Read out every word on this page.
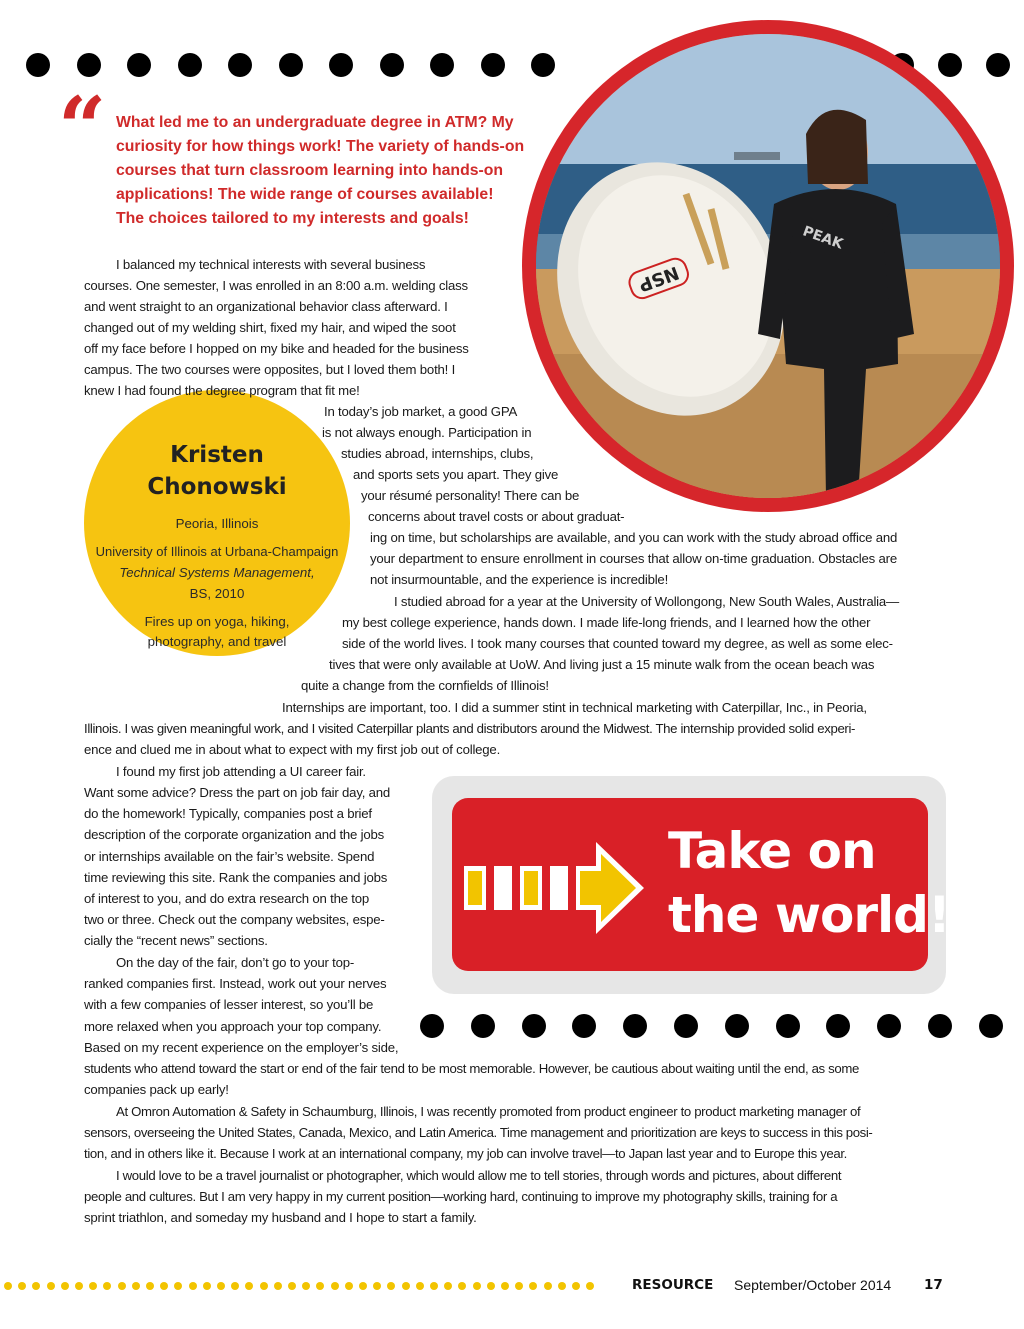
“ What led me to an undergraduate degree in ATM? My
curiosity for how things work! The variety of hands-on
courses that turn classroom learning into hands-on
applications! The wide range of courses available!
The choices tailored to my interests and goals!
NSP
PEAK
Kristen
Chonowski
Peoria, Illinois
University of Illinois at Urbana-Champaign
Technical Systems Management,
BS, 2010
Fires up on yoga, hiking,
photography, and travel
I balanced my technical interests with several business
courses. One semester, I was enrolled in an 8:00 a.m. welding class
and went straight to an organizational behavior class afterward. I
changed out of my welding shirt, fixed my hair, and wiped the soot
off my face before I hopped on my bike and headed for the business
campus. The two courses were opposites, but I loved them both! I
knew I had found the degree program that fit me!
In today’s job market, a good GPA
is not always enough. Participation in
studies abroad, internships, clubs,
and sports sets you apart. They give
your résumé personality! There can be
concerns about travel costs or about graduat-
ing on time, but scholarships are available, and you can work with the study abroad office and
your department to ensure enrollment in courses that allow on-time graduation. Obstacles are
not insurmountable, and the experience is incredible!
I studied abroad for a year at the University of Wollongong, New South Wales, Australia—
my best college experience, hands down. I made life-long friends, and I learned how the other
side of the world lives. I took many courses that counted toward my degree, as well as some elec-
tives that were only available at UoW. And living just a 15 minute walk from the ocean beach was
quite a change from the cornfields of Illinois!
Internships are important, too. I did a summer stint in technical marketing with Caterpillar, Inc., in Peoria,
Illinois. I was given meaningful work, and I visited Caterpillar plants and distributors around the Midwest. The internship provided solid experi-
ence and clued me in about what to expect with my first job out of college.
I found my first job attending a UI career fair.
Want some advice? Dress the part on job fair day, and
do the homework! Typically, companies post a brief
description of the corporate organization and the jobs
or internships available on the fair’s website. Spend
time reviewing this site. Rank the companies and jobs
of interest to you, and do extra research on the top
two or three. Check out the company websites, espe-
cially the “recent news” sections.
On the day of the fair, don’t go to your top-
ranked companies first. Instead, work out your nerves
with a few companies of lesser interest, so you’ll be
more relaxed when you approach your top company.
Based on my recent experience on the employer’s side,
students who attend toward the start or end of the fair tend to be most memorable. However, be cautious about waiting until the end, as some
companies pack up early!
At Omron Automation & Safety in Schaumburg, Illinois, I was recently promoted from product engineer to product marketing manager of
sensors, overseeing the United States, Canada, Mexico, and Latin America. Time management and prioritization are keys to success in this posi-
tion, and in others like it. Because I work at an international company, my job can involve travel—to Japan last year and to Europe this year.
I would love to be a travel journalist or photographer, which would allow me to tell stories, through words and pictures, about different
people and cultures. But I am very happy in my current position—working hard, continuing to improve my photography skills, training for a
sprint triathlon, and someday my husband and I hope to start a family.
Take on
the world!
RESOURCE September/October 2014 17
